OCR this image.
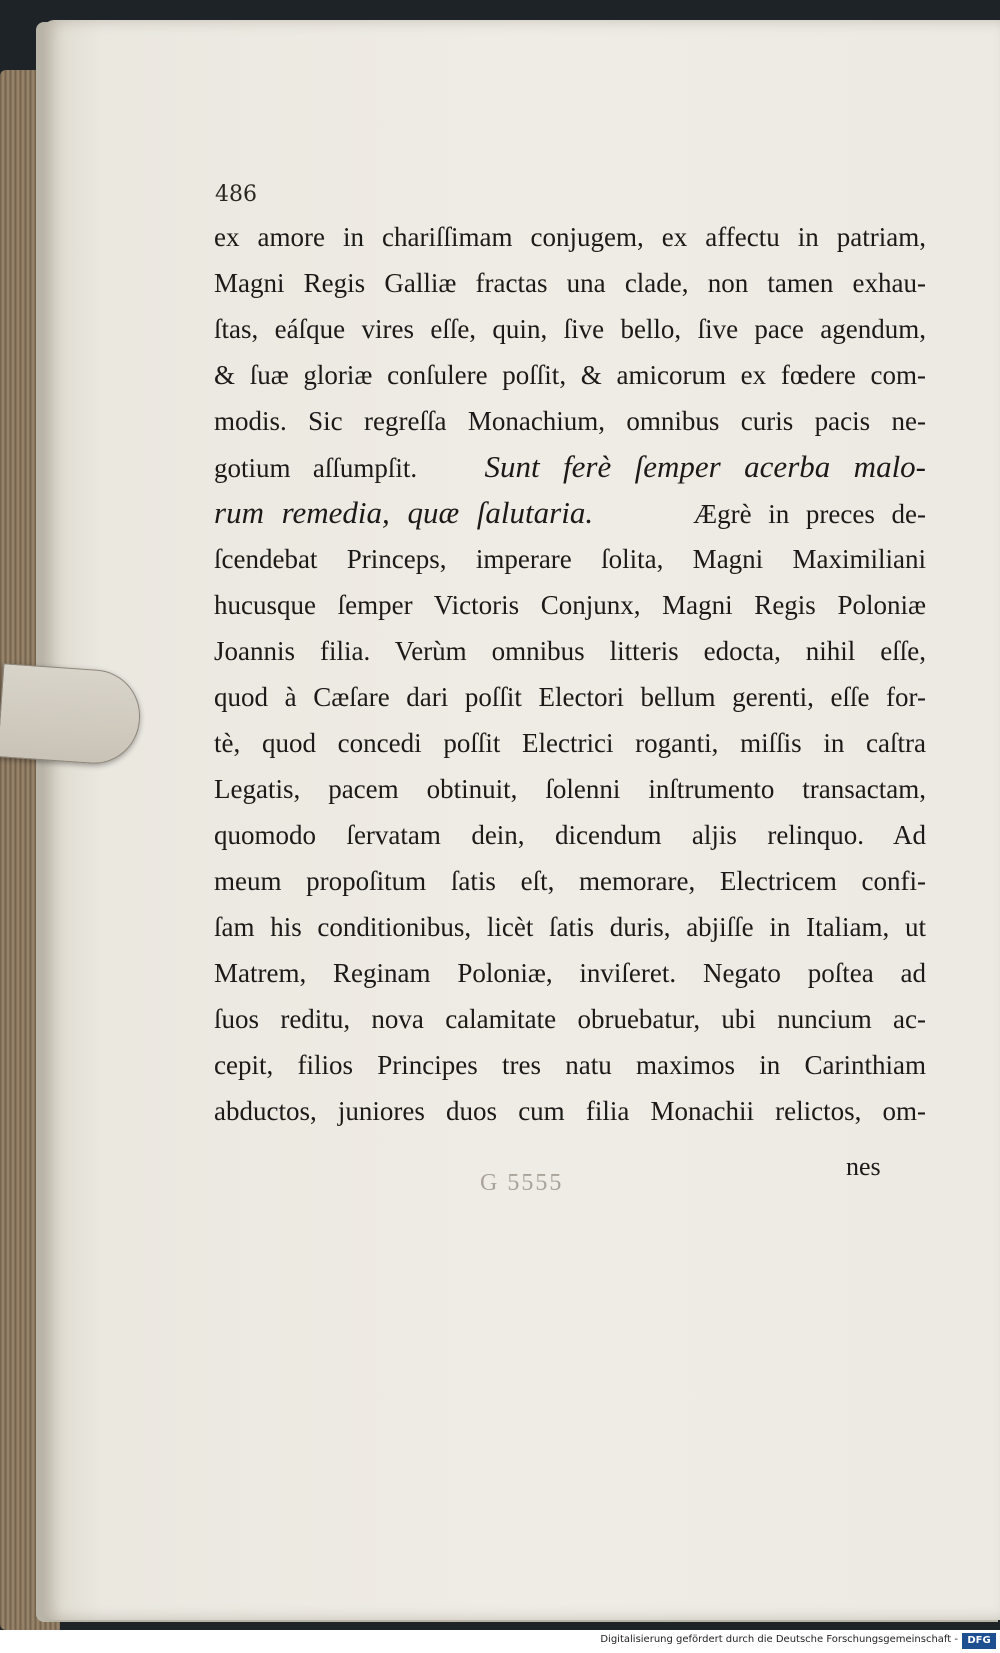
486

ex amore in chariſſimam conjugem, ex affectu in patriam,
Magni Regis Galliæ fractas una clade, non tamen exhau-
ſtas, eáſque vires eſſe, quin, ſive bello, ſive pace agendum,
& ſuæ gloriæ conſulere poſſit, & amicorum ex fœdere com-
modis. Sic regreſſa Monachium, omnibus curis pacis ne-
gotium aſſumpſit. Sunt ferè ſemper acerba malo-
rum remedia, quæ ſalutaria.	Ægrè in preces de-
ſcendebat Princeps, imperare ſolita, Magni Maximiliani
hucusque ſemper Victoris Conjunx, Magni Regis Poloniæ
Joannis filia. Verùm omnibus litteris edocta, nihil eſſe,
quod à Cæſare dari poſſit Electori bellum gerenti, eſſe for-
tè, quod concedi poſſit Electrici roganti, miſſis in caſtra
Legatis, pacem obtinuit, ſolenni inſtrumento transactam,
quomodo ſervatam dein, dicendum aljis relinquo. Ad
meum propoſitum ſatis eſt, memorare, Electricem confi-
ſam his conditionibus, licèt ſatis duris, abjiſſe in Italiam, ut
Matrem, Reginam Poloniæ, inviſeret. Negato poſtea ad
ſuos reditu, nova calamitate obruebatur, ubi nuncium ac-
cepit, filios Principes tres natu maximos in Carinthiam
abductos, juniores duos cum filia Monachii relictos, om-

G 5555

nes

Digitalisierung gefördert durch die Deutsche Forschungsgemeinschaft - DFG
